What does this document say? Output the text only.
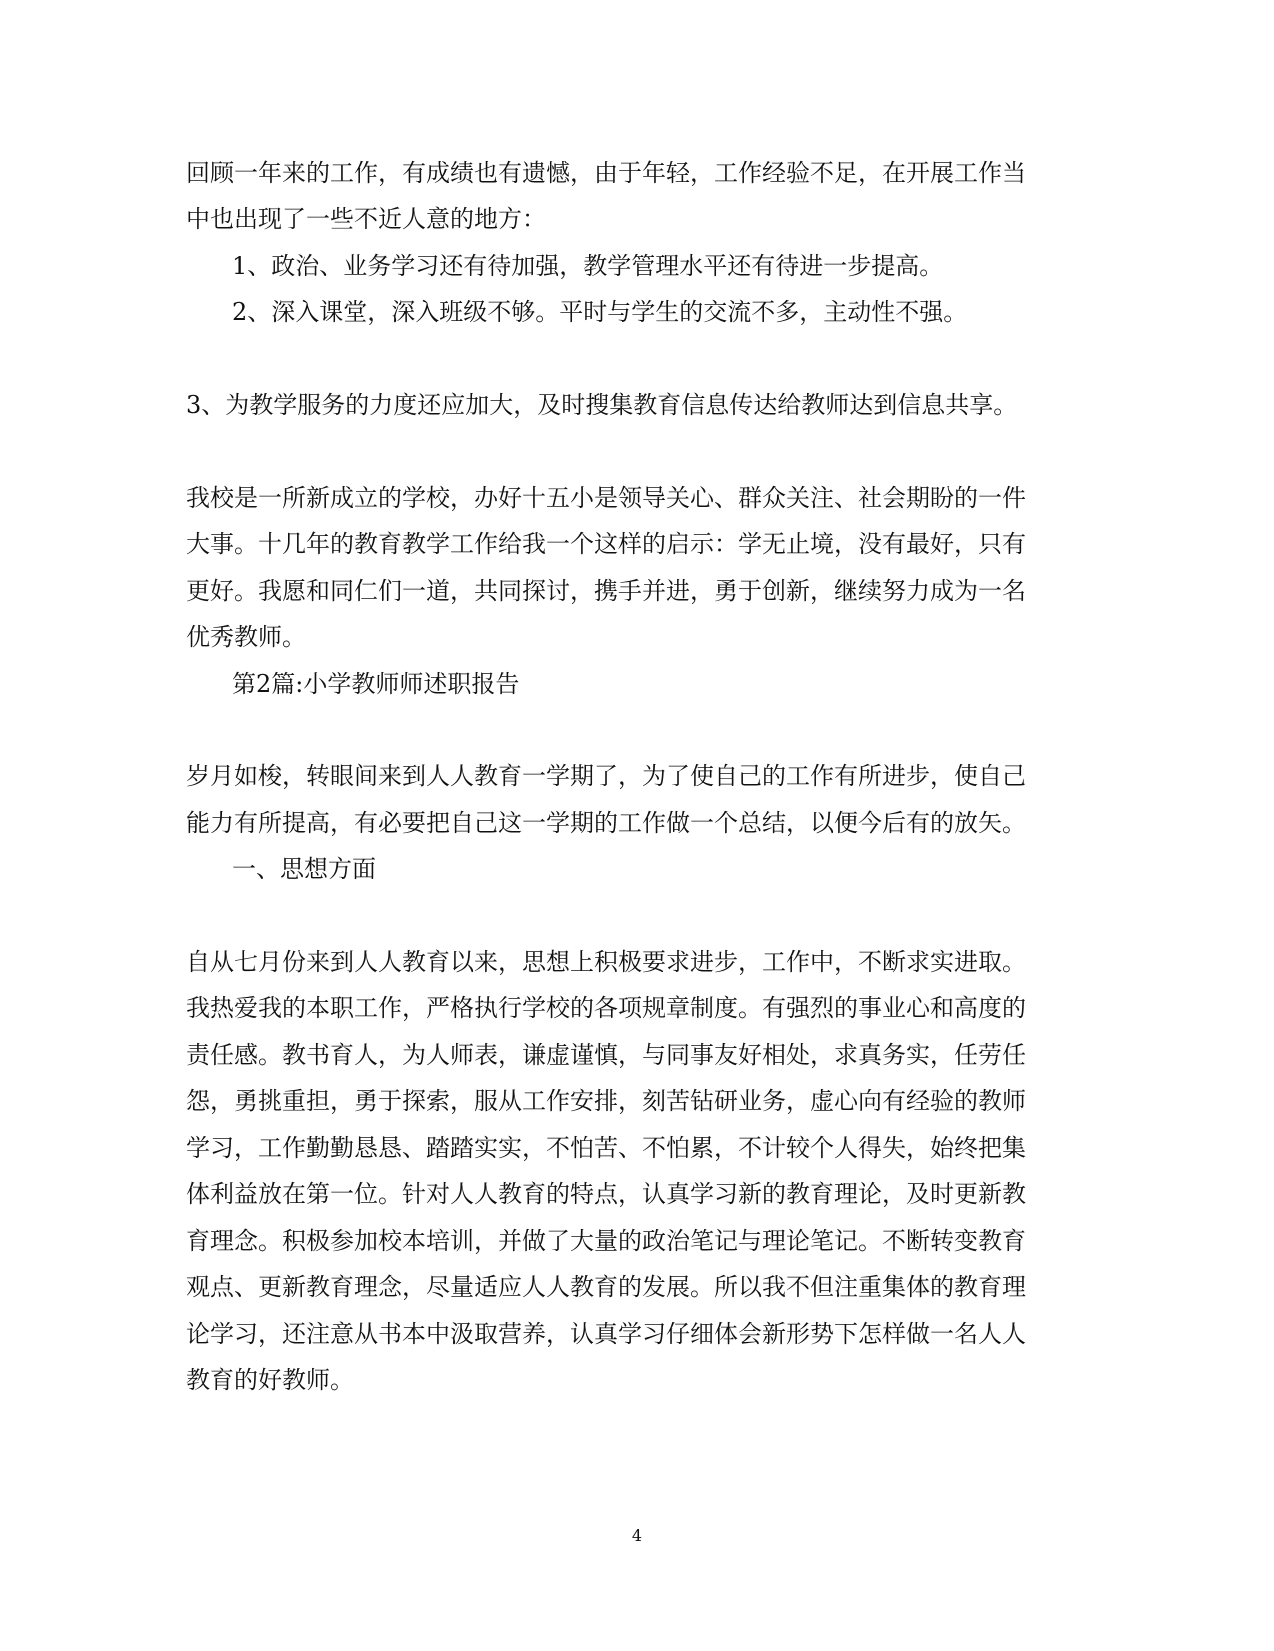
回顾一年来的工作，有成绩也有遗憾，由于年轻，工作经验不足，在开展工作当
中也出现了一些不近人意的地方：
1、政治、业务学习还有待加强，教学管理水平还有待进一步提高。
2、深入课堂，深入班级不够。平时与学生的交流不多，主动性不强。
3、为教学服务的力度还应加大，及时搜集教育信息传达给教师达到信息共享。
我校是一所新成立的学校，办好十五小是领导关心、群众关注、社会期盼的一件
大事。十几年的教育教学工作给我一个这样的启示：学无止境，没有最好，只有
更好。我愿和同仁们一道，共同探讨，携手并进，勇于创新，继续努力成为一名
优秀教师。
第2篇:小学教师师述职报告
岁月如梭，转眼间来到人人教育一学期了，为了使自己的工作有所进步，使自己
能力有所提高，有必要把自己这一学期的工作做一个总结，以便今后有的放矢。
一、思想方面
自从七月份来到人人教育以来，思想上积极要求进步，工作中，不断求实进取。
我热爱我的本职工作，严格执行学校的各项规章制度。有强烈的事业心和高度的
责任感。教书育人，为人师表，谦虚谨慎，与同事友好相处，求真务实，任劳任
怨，勇挑重担，勇于探索，服从工作安排，刻苦钻研业务，虚心向有经验的教师
学习，工作勤勤恳恳、踏踏实实，不怕苦、不怕累，不计较个人得失，始终把集
体利益放在第一位。针对人人教育的特点，认真学习新的教育理论，及时更新教
育理念。积极参加校本培训，并做了大量的政治笔记与理论笔记。不断转变教育
观点、更新教育理念，尽量适应人人教育的发展。所以我不但注重集体的教育理
论学习，还注意从书本中汲取营养，认真学习仔细体会新形势下怎样做一名人人
教育的好教师。
4
